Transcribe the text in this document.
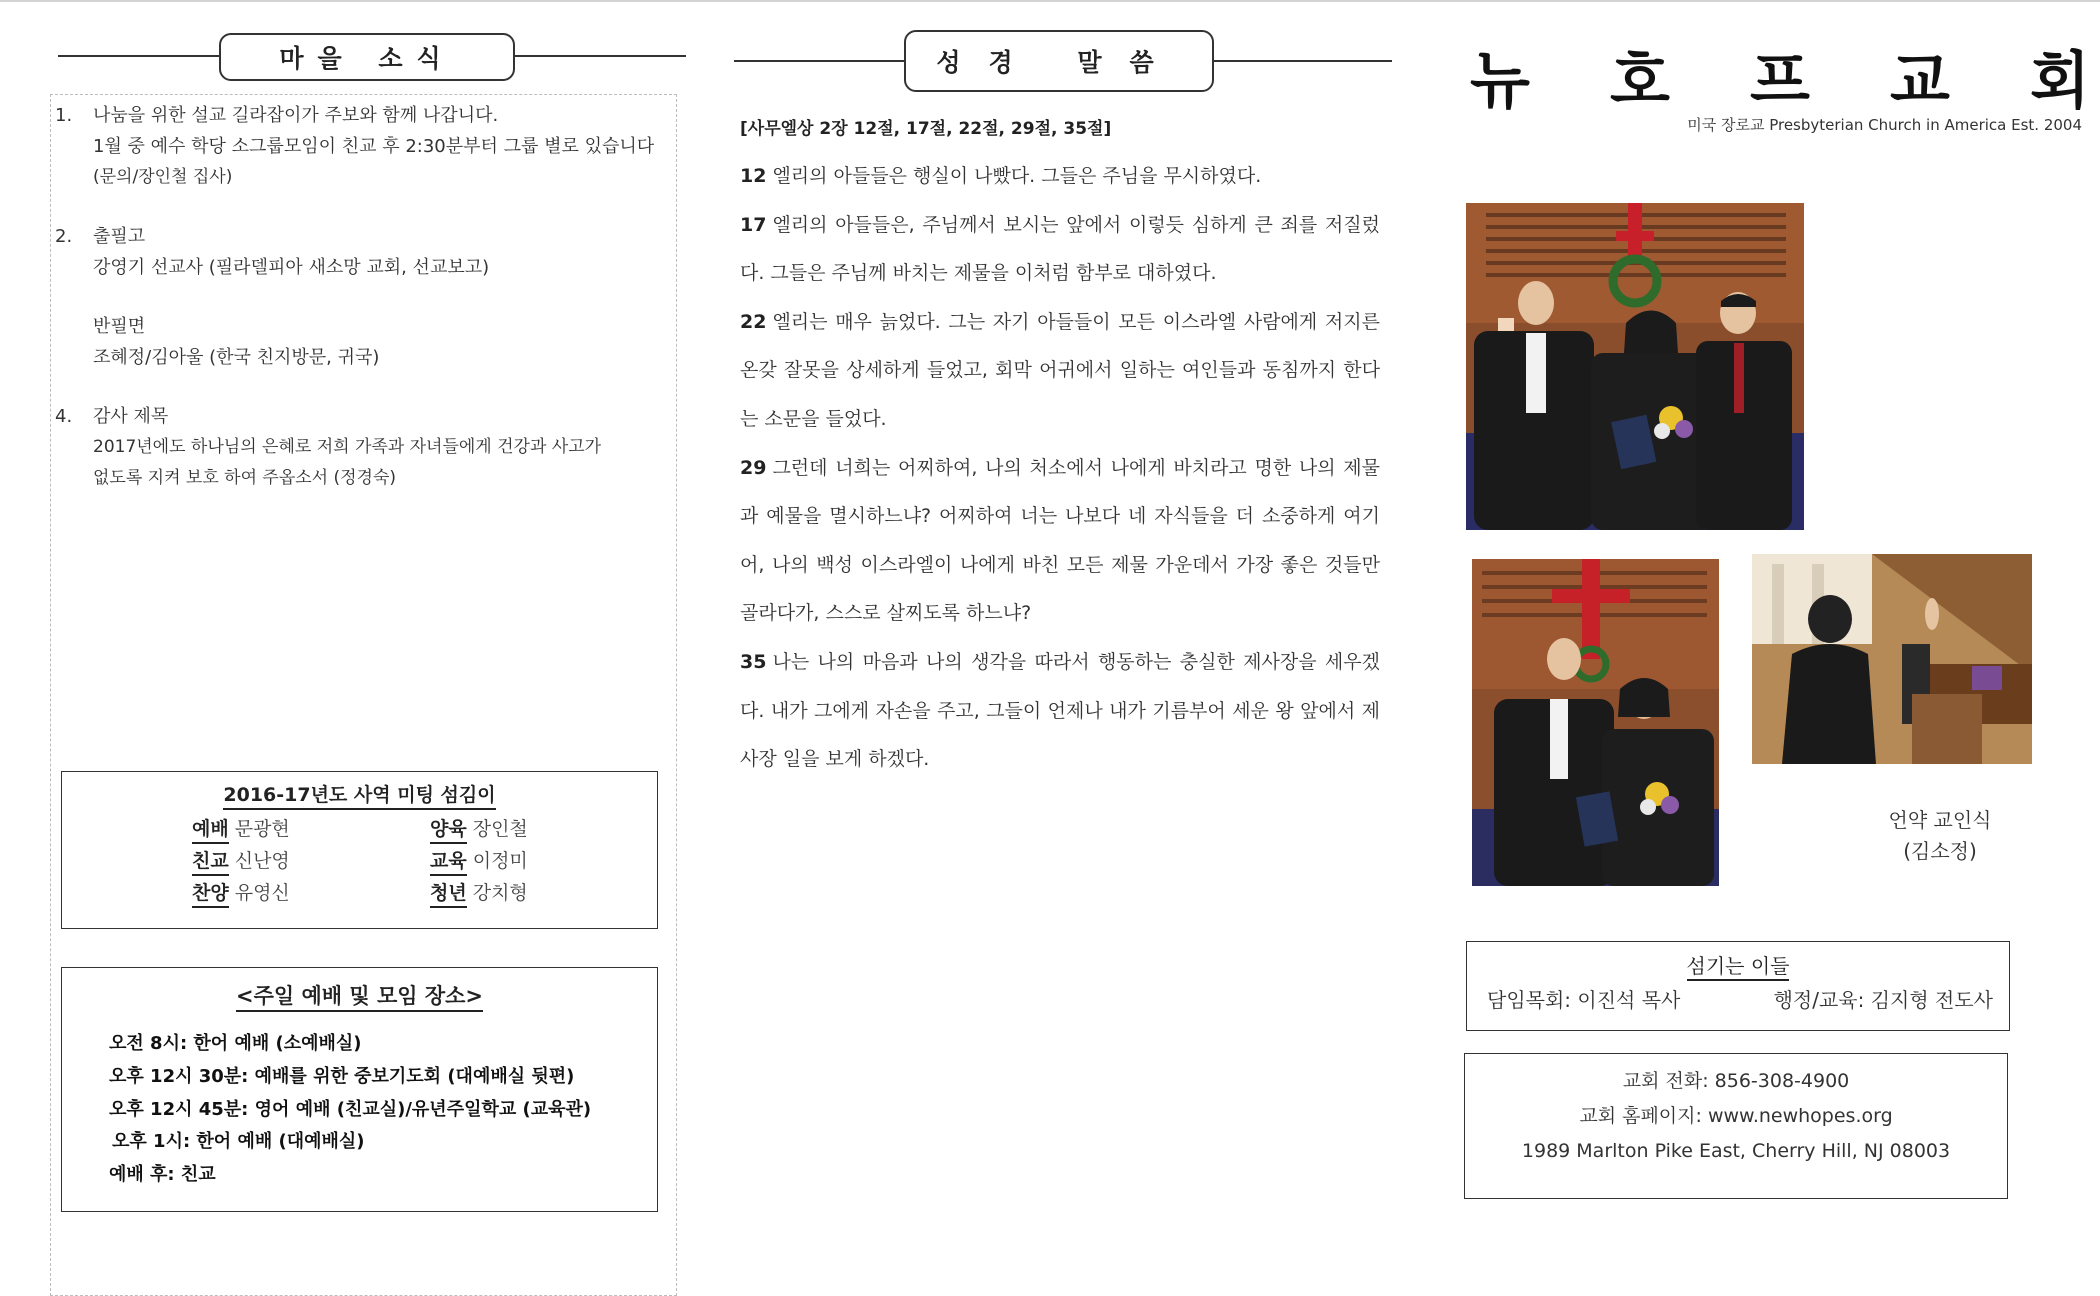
마을 소식
1.	나눔을 위한 설교 길라잡이가 주보와 함께 나갑니다.

1월 중 예수 학당 소그룹모임이 친교 후 2:30분부터 그룹 별로 있습니다

(문의/장인철 집사)

2.	출필고

강영기 선교사 (필라델피아 새소망 교회, 선교보고)

반필면

조혜정/김아울 (한국 친지방문, 귀국)

4.	감사 제목

2017년에도 하나님의 은혜로 저희 가족과 자녀들에게 건강과 사고가

없도록 지켜 보호 하여 주옵소서 (정경숙)

2016-17년도 사역 미팅 섬김이
예배 문광현	양육 장인철
친교 신난영	교육 이정미
찬양 유영신	청년 강치형
<주일 예배 및 모임 장소>
오전 8시: 한어 예배 (소예배실)
오후 12시 30분: 예배를 위한 중보기도회 (대예배실 뒷편)
오후 12시 45분: 영어 예배 (친교실)/유년주일학교 (교육관)
오후 1시: 한어 예배 (대예배실)
예배 후: 친교
성경 말씀
[사무엘상 2장 12절, 17절, 22절, 29절, 35절]

12 엘리의 아들들은 행실이 나빴다. 그들은 주님을 무시하였다.

17 엘리의 아들들은, 주님께서 보시는 앞에서 이렇듯 심하게 큰 죄를 저질렀다. 그들은 주님께 바치는 제물을 이처럼 함부로 대하였다.

22 엘리는 매우 늙었다. 그는 자기 아들들이 모든 이스라엘 사람에게 저지른 온갖 잘못을 상세하게 들었고, 회막 어귀에서 일하는 여인들과 동침까지 한다는 소문을 들었다.

29 그런데 너희는 어찌하여, 나의 처소에서 나에게 바치라고 명한 나의 제물과 예물을 멸시하느냐? 어찌하여 너는 나보다 네 자식들을 더 소중하게 여기어, 나의 백성 이스라엘이 나에게 바친 모든 제물 가운데서 가장 좋은 것들만 골라다가, 스스로 살찌도록 하느냐?

35 나는 나의 마음과 나의 생각을 따라서 행동하는 충실한 제사장을 세우겠다. 내가 그에게 자손을 주고, 그들이 언제나 내가 기름부어 세운 왕 앞에서 제사장 일을 보게 하겠다.

뉴 호 프 교 회
미국 장로교 Presbyterian Church in America Est. 2004
언약 교인식
(김소정)
섬기는 이들
담임목회: 이진석 목사	행정/교육: 김지형 전도사
교회 전화: 856-308-4900
교회 홈페이지: www.newhopes.org
1989 Marlton Pike East, Cherry Hill, NJ 08003
